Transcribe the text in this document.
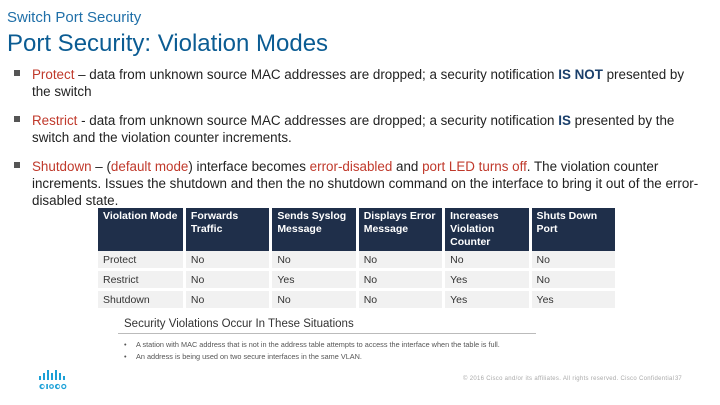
Switch Port Security
Port Security: Violation Modes
Protect – data from unknown source MAC addresses are dropped; a security notification IS NOT presented by the switch
Restrict - data from unknown source MAC addresses are dropped; a security notification IS presented by the switch and the violation counter increments.
Shutdown – (default mode) interface becomes error-disabled and port LED turns off. The violation counter increments. Issues the shutdown and then the no shutdown command on the interface to bring it out of the error-disabled state.
Violation Mode	Forwards Traffic	Sends Syslog Message	Displays Error Message	Increases Violation Counter	Shuts Down Port
Protect	No	No	No	No	No
Restrict	No	Yes	No	Yes	No
Shutdown	No	No	No	Yes	Yes
Security Violations Occur In These Situations
• A station with MAC address that is not in the address table attempts to access the interface when the table is full.
• An address is being used on two secure interfaces in the same VLAN.
© 2016 Cisco and/or its affiliates. All rights reserved. Cisco Confidential 37
